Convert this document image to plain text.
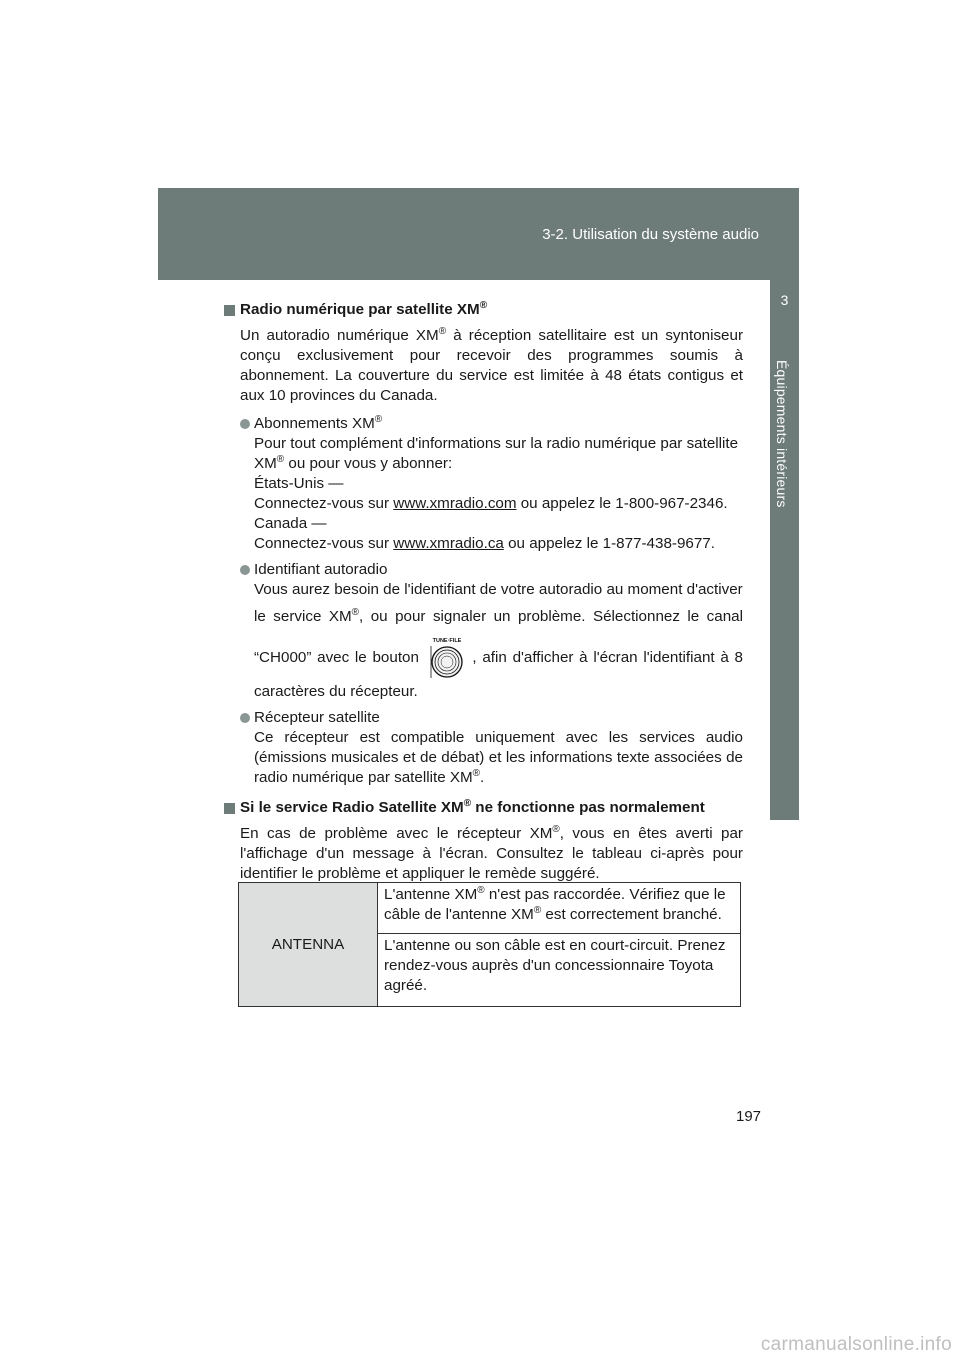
3-2. Utilisation du système audio
3
Équipements intérieurs
Radio numérique par satellite XM®
Un autoradio numérique XM® à réception satellitaire est un syntoniseur conçu exclusivement pour recevoir des programmes soumis à abonnement. La couverture du service est limitée à 48 états contigus et aux 10 provinces du Canada.
Abonnements XM®
Pour tout complément d'informations sur la radio numérique par satellite
XM® ou pour vous y abonner:
États-Unis —
Connectez-vous sur www.xmradio.com ou appelez le 1-800-967-2346.
Canada —
Connectez-vous sur www.xmradio.ca ou appelez le 1-877-438-9677.
Identifiant autoradio
Vous aurez besoin de l'identifiant de votre autoradio au moment d'activer
le service XM®, ou pour signaler un problème. Sélectionnez le canal
“CH000” avec le bouton
TUNE·FILE
, afin d'afficher à l'écran l'identifiant à 8
caractères du récepteur.
Récepteur satellite
Ce récepteur est compatible uniquement avec les services audio (émissions musicales et de débat) et les informations texte associées de radio numérique par satellite XM®.
Si le service Radio Satellite XM® ne fonctionne pas normalement
En cas de problème avec le récepteur XM®, vous en êtes averti par l'affichage d'un message à l'écran. Consultez le tableau ci-après pour identifier le problème et appliquer le remède suggéré.
ANTENNA	L'antenne XM® n'est pas raccordée. Vérifiez que le câble de l'antenne XM® est correctement branché.
L'antenne ou son câble est en court-circuit. Prenez rendez-vous auprès d'un concessionnaire Toyota agréé.
197
carmanualsonline.info
